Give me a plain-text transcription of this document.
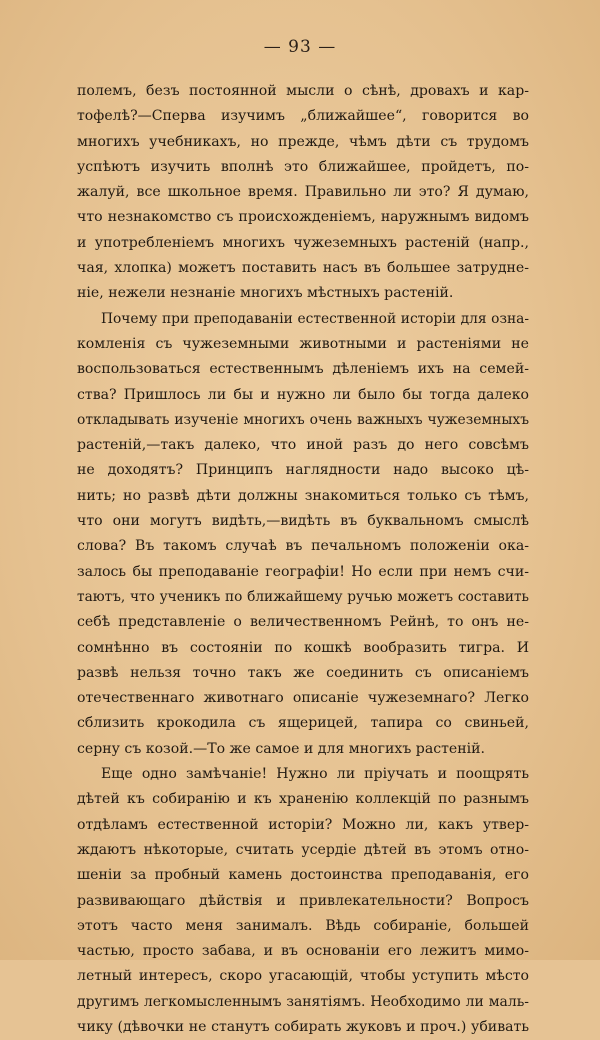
— 93 —
полемъ, безъ постоянной мысли о сѣнѣ, дровахъ и кар-
тофелѣ?—Сперва изучимъ „ближайшее“, говорится во
многихъ учебникахъ, но прежде, чѣмъ дѣти съ трудомъ
успѣютъ изучить вполнѣ это ближайшее, пройдетъ, по-
жалуй, все школьное время. Правильно ли это? Я думаю,
что незнакомство съ происхожденіемъ, наружнымъ видомъ
и употребленіемъ многихъ чужеземныхъ растеній (напр.,
чая, хлопка) можетъ поставить насъ въ большее затрудне-
ніе, нежели незнаніе многихъ мѣстныхъ растеній.
Почему при преподаваніи естественной исторіи для озна-
комленія съ чужеземными животными и растеніями не
воспользоваться естественнымъ дѣленіемъ ихъ на семей-
ства? Пришлось ли бы и нужно ли было бы тогда далеко
откладывать изученіе многихъ очень важныхъ чужеземныхъ
растеній,—такъ далеко, что иной разъ до него совсѣмъ
не доходятъ? Принципъ наглядности надо высоко цѣ-
нить; но развѣ дѣти должны знакомиться только съ тѣмъ,
что они могутъ видѣть,—видѣть въ буквальномъ смыслѣ
слова? Въ такомъ случаѣ въ печальномъ положеніи ока-
залось бы преподаваніе географіи! Но если при немъ счи-
таютъ, что ученикъ по ближайшему ручью можетъ составить
себѣ представленіе о величественномъ Рейнѣ, то онъ не-
сомнѣнно въ состояніи по кошкѣ вообразить тигра. И
развѣ нельзя точно такъ же соединить съ описаніемъ
отечественнаго животнаго описаніе чужеземнаго? Легко
сблизить крокодила съ ящерицей, тапира со свиньей,
серну съ козой.—То же самое и для многихъ растеній.
Еще одно замѣчаніе! Нужно ли пріучать и поощрять
дѣтей къ собиранію и къ храненію коллекцій по разнымъ
отдѣламъ естественной исторіи? Можно ли, какъ утвер-
ждаютъ нѣкоторые, считать усердіе дѣтей въ этомъ отно-
шеніи за пробный камень достоинства преподаванія, его
развивающаго дѣйствія и привлекательности? Вопросъ
этотъ часто меня занималъ. Вѣдь собираніе, большей
частью, просто забава, и въ основаніи его лежитъ мимо-
летный интересъ, скоро угасающій, чтобы уступить мѣсто
другимъ легкомысленнымъ занятіямъ. Необходимо ли маль-
чику (дѣвочки не станутъ собирать жуковъ и проч.) убивать
